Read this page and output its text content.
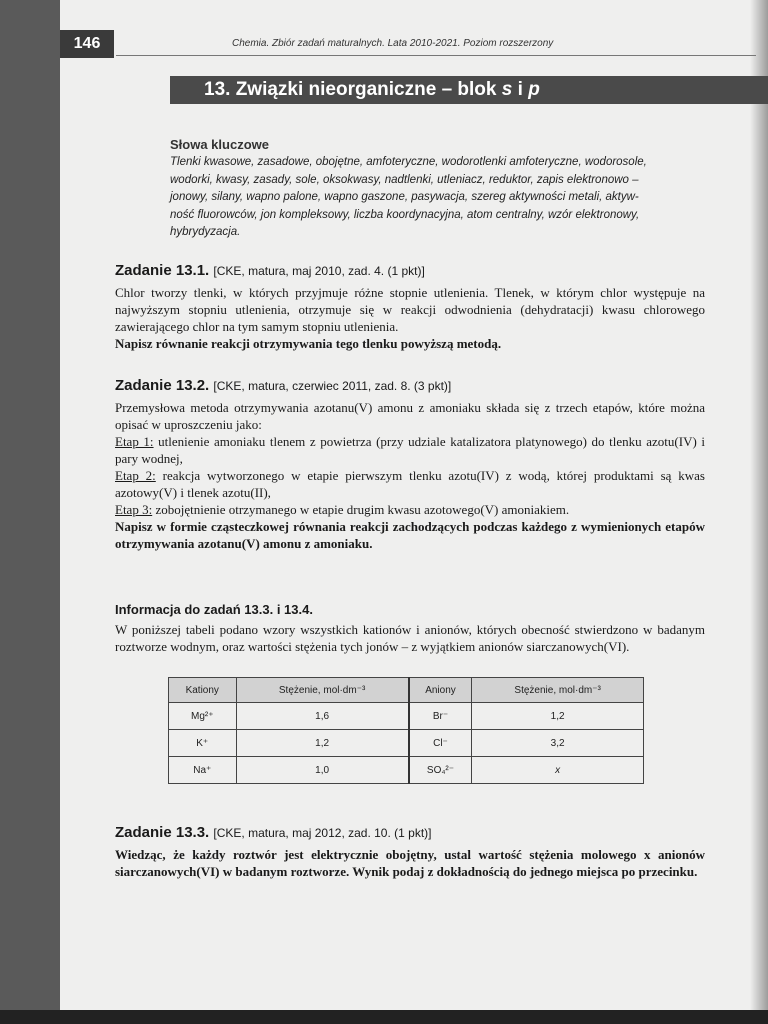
146	Chemia. Zbiór zadań maturalnych. Lata 2010-2021. Poziom rozszerzony
13. Związki nieorganiczne – blok s i p
Słowa kluczowe
Tlenki kwasowe, zasadowe, obojętne, amfoteryczne, wodorotlenki amfoteryczne, wodorosole,
wodorki, kwasy, zasady, sole, oksokwasy, nadtlenki, utleniacz, reduktor, zapis elektronowo –
jonowy, silany, wapno palone, wapno gaszone, pasywacja, szereg aktywności metali, aktyw-
ność fluorowców, jon kompleksowy, liczba koordynacyjna, atom centralny, wzór elektronowy,
hybrydyzacja.
Zadanie 13.1. [CKE, matura, maj 2010, zad. 4. (1 pkt)]

Chlor tworzy tlenki, w których przyjmuje różne stopnie utlenienia. Tlenek, w którym chlor występuje na najwyższym stopniu utlenienia, otrzymuje się w reakcji odwodnienia (dehydratacji) kwasu chlorowego zawierającego chlor na tym samym stopniu utlenienia.

Napisz równanie reakcji otrzymywania tego tlenku powyższą metodą.

Zadanie 13.2. [CKE, matura, czerwiec 2011, zad. 8. (3 pkt)]

Przemysłowa metoda otrzymywania azotanu(V) amonu z amoniaku składa się z trzech etapów, które można opisać w uproszczeniu jako:

Etap 1: utlenienie amoniaku tlenem z powietrza (przy udziale katalizatora platynowego) do tlenku azotu(IV) i pary wodnej,

Etap 2: reakcja wytworzonego w etapie pierwszym tlenku azotu(IV) z wodą, której produktami są kwas azotowy(V) i tlenek azotu(II),

Etap 3: zobojętnienie otrzymanego w etapie drugim kwasu azotowego(V) amoniakiem.

Napisz w formie cząsteczkowej równania reakcji zachodzących podczas każdego z wymienionych etapów otrzymywania azotanu(V) amonu z amoniaku.

Informacja do zadań 13.3. i 13.4.

W poniższej tabeli podano wzory wszystkich kationów i anionów, których obecność stwierdzono w badanym roztworze wodnym, oraz wartości stężenia tych jonów – z wyjątkiem anionów siarczanowych(VI).

Kationy	Stężenie, mol·dm⁻³	Aniony	Stężenie, mol·dm⁻³
Mg²⁺	1,6	Br⁻	1,2
K⁺	1,2	Cl⁻	3,2
Na⁺	1,0	SO₄²⁻	x
Zadanie 13.3. [CKE, matura, maj 2012, zad. 10. (1 pkt)]

Wiedząc, że każdy roztwór jest elektrycznie obojętny, ustal wartość stężenia molowego x anionów siarczanowych(VI) w badanym roztworze. Wynik podaj z dokładnością do jednego miejsca po przecinku.
